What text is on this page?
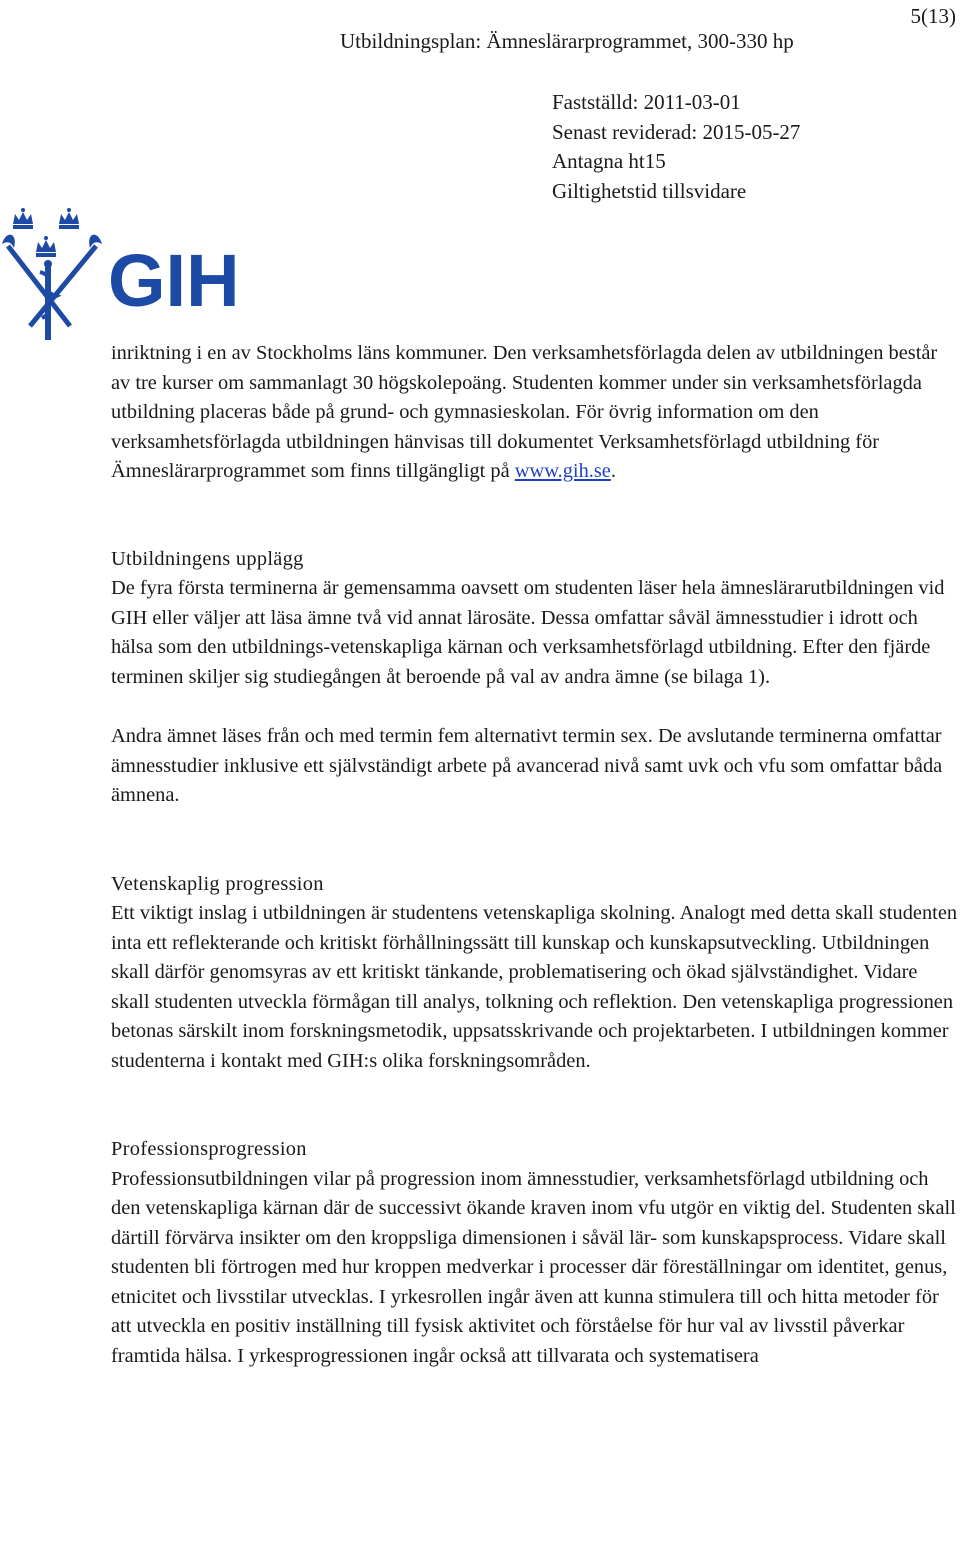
5(13)
Utbildningsplan: Ämneslärarprogrammet, 300-330 hp
Fastställd: 2011-03-01
Senast reviderad: 2015-05-27
Antagna ht15
Giltighetstid tillsvidare
GIH

inriktning i en av Stockholms läns kommuner. Den verksamhetsförlagda delen av utbildningen består av tre kurser om sammanlagt 30 högskolepoäng. Studenten kommer under sin verksamhetsförlagda utbildning placeras både på grund- och gymnasieskolan. För övrig information om den verksamhetsförlagda utbildningen hänvisas till dokumentet Verksamhetsförlagd utbildning för Ämneslärarprogrammet som finns tillgängligt på www.gih.se.

Utbildningens upplägg

De fyra första terminerna är gemensamma oavsett om studenten läser hela ämneslärarutbildningen vid GIH eller väljer att läsa ämne två vid annat lärosäte. Dessa omfattar såväl ämnesstudier i idrott och hälsa som den utbildnings-vetenskapliga kärnan och verksamhetsförlagd utbildning. Efter den fjärde terminen skiljer sig studiegången åt beroende på val av andra ämne (se bilaga 1).

Andra ämnet läses från och med termin fem alternativt termin sex. De avslutande terminerna omfattar ämnesstudier inklusive ett självständigt arbete på avancerad nivå samt uvk och vfu som omfattar båda ämnena.

Vetenskaplig progression

Ett viktigt inslag i utbildningen är studentens vetenskapliga skolning. Analogt med detta skall studenten inta ett reflekterande och kritiskt förhållningssätt till kunskap och kunskapsutveckling. Utbildningen skall därför genomsyras av ett kritiskt tänkande, problematisering och ökad självständighet. Vidare skall studenten utveckla förmågan till analys, tolkning och reflektion. Den vetenskapliga progressionen betonas särskilt inom forskningsmetodik, uppsatsskrivande och projektarbeten. I utbildningen kommer studenterna i kontakt med GIH:s olika forskningsområden.

Professionsprogression

Professionsutbildningen vilar på progression inom ämnesstudier, verksamhetsförlagd utbildning och den vetenskapliga kärnan där de successivt ökande kraven inom vfu utgör en viktig del. Studenten skall därtill förvärva insikter om den kroppsliga dimensionen i såväl lär- som kunskapsprocess. Vidare skall studenten bli förtrogen med hur kroppen medverkar i processer där föreställningar om identitet, genus, etnicitet och livsstilar utvecklas. I yrkesrollen ingår även att kunna stimulera till och hitta metoder för att utveckla en positiv inställning till fysisk aktivitet och förståelse för hur val av livsstil påverkar framtida hälsa. I yrkesprogressionen ingår också att tillvarata och systematisera
